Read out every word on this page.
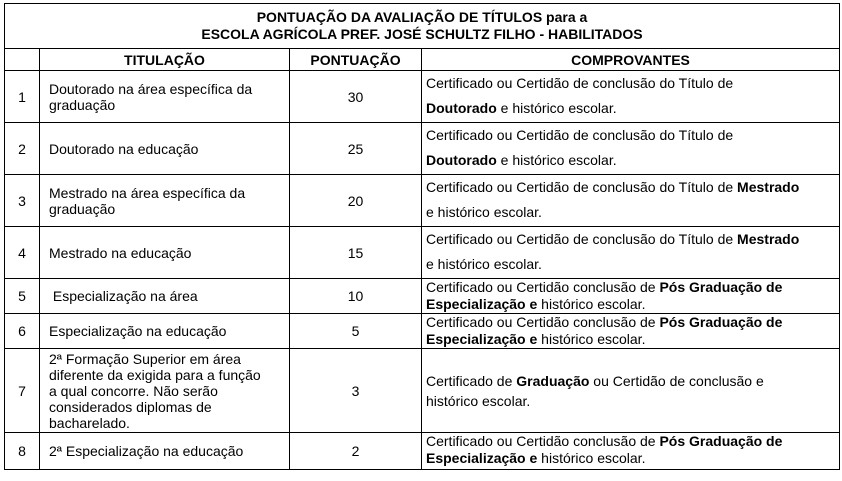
PONTUAÇÃO DA AVALIAÇÃO DE TÍTULOS para a
ESCOLA AGRÍCOLA PREF. JOSÉ SCHULTZ FILHO - HABILITADOS			
	TITULAÇÃO	PONTUAÇÃO	COMPROVANTES
1	Doutorado na área específica da graduação	30	Certificado ou Certidão de conclusão do Título de
Doutorado e histórico escolar.

2	Doutorado na educação	25	Certificado ou Certidão de conclusão do Título de
Doutorado e histórico escolar.

3	Mestrado na área específica da graduação	20	Certificado ou Certidão de conclusão do Título de Mestrado
e histórico escolar.

4	Mestrado na educação	15	Certificado ou Certidão de conclusão do Título de Mestrado
e histórico escolar.

5	Especialização na área	10	Certificado ou Certidão conclusão de Pós Graduação de
Especialização e histórico escolar.

6	Especialização na educação	5	Certificado ou Certidão conclusão de Pós Graduação de
Especialização e histórico escolar.

7	2ª Formação Superior em área
diferente da exigida para a função
a qual concorre. Não serão
considerados diplomas de
bacharelado.	3	Certificado de Graduação ou Certidão de conclusão e
histórico escolar.

8	2ª Especialização na educação	2	Certificado ou Certidão conclusão de Pós Graduação de
Especialização e histórico escolar.
